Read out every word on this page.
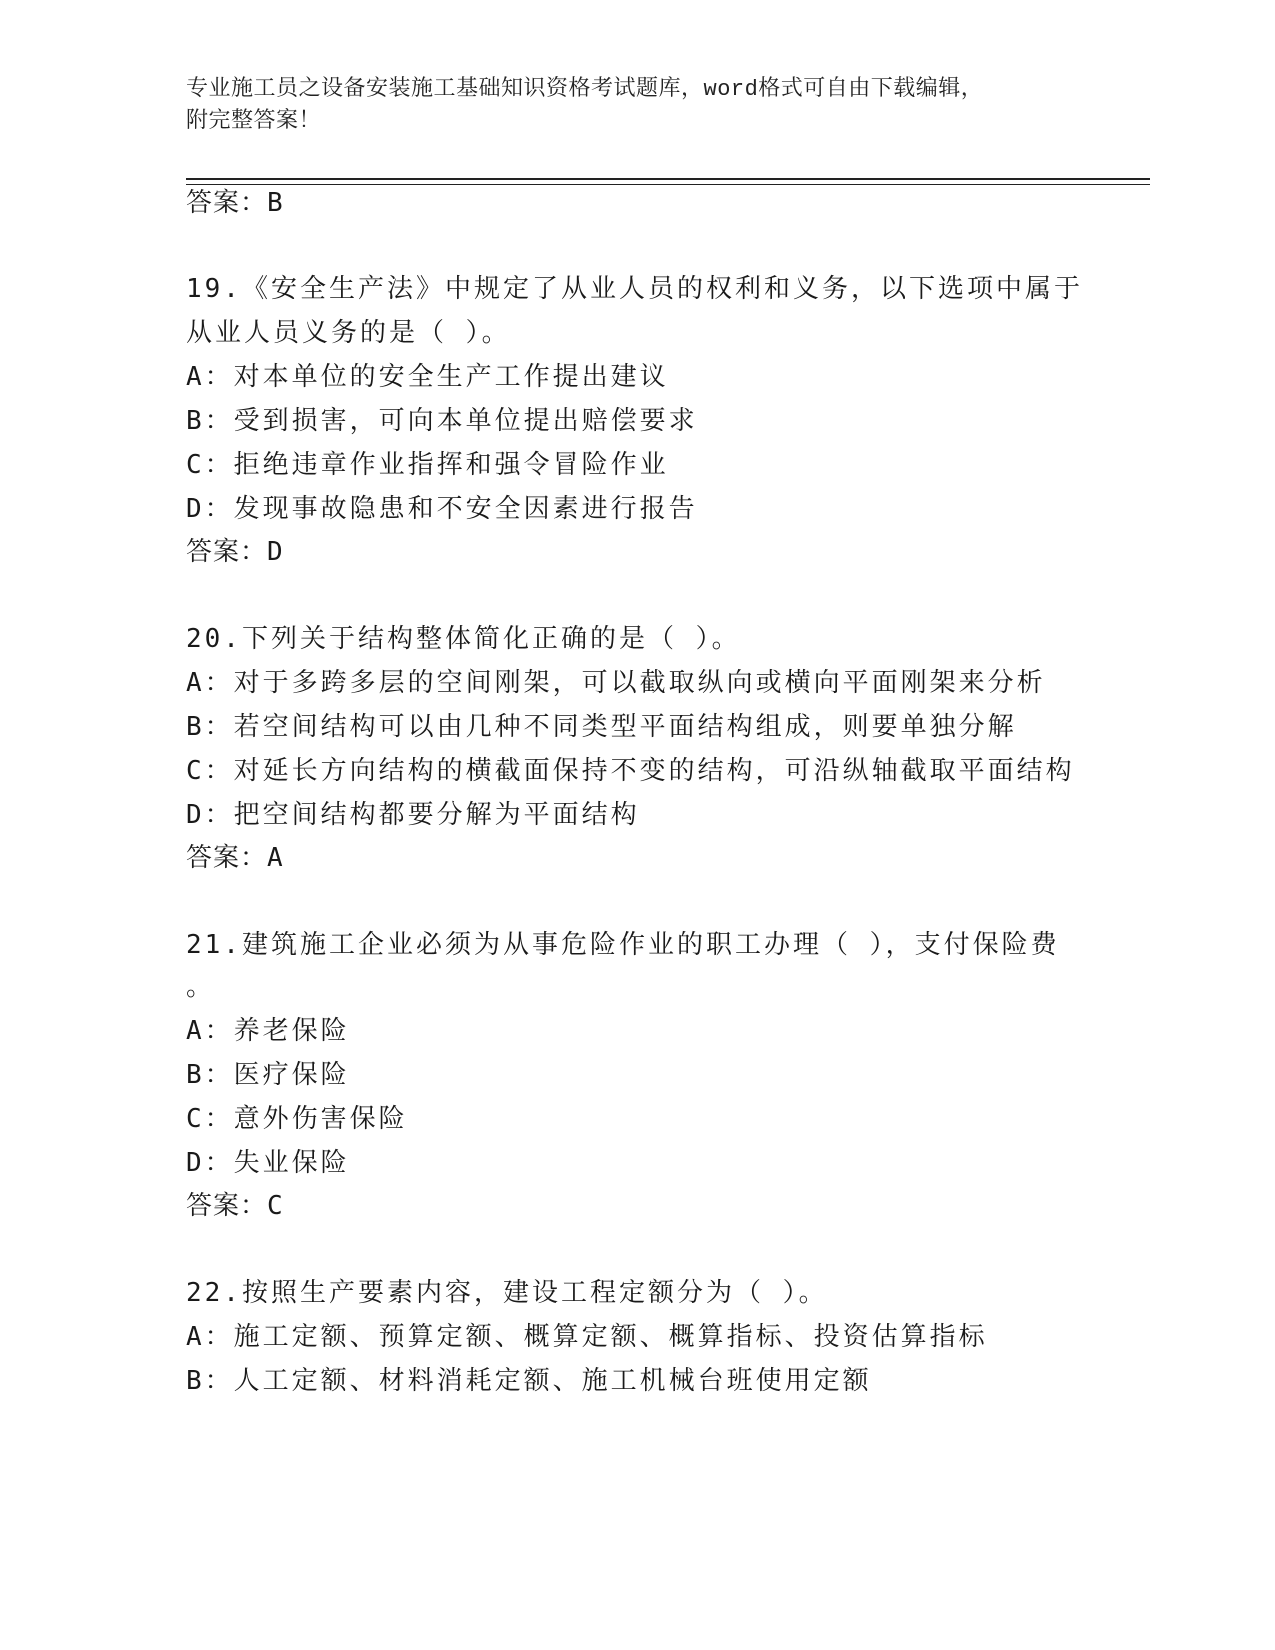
专业施工员之设备安装施工基础知识资格考试题库，word格式可自由下载编辑，
附完整答案！
答案：B
19.《安全生产法》中规定了从业人员的权利和义务，以下选项中属于
从业人员义务的是（ ）。
A：对本单位的安全生产工作提出建议
B：受到损害，可向本单位提出赔偿要求
C：拒绝违章作业指挥和强令冒险作业
D：发现事故隐患和不安全因素进行报告
答案：D
20.下列关于结构整体简化正确的是（ ）。
A：对于多跨多层的空间刚架，可以截取纵向或横向平面刚架来分析
B：若空间结构可以由几种不同类型平面结构组成，则要单独分解
C：对延长方向结构的横截面保持不变的结构，可沿纵轴截取平面结构
D：把空间结构都要分解为平面结构
答案：A
21.建筑施工企业必须为从事危险作业的职工办理（ ），支付保险费
。
A：养老保险
B：医疗保险
C：意外伤害保险
D：失业保险
答案：C
22.按照生产要素内容，建设工程定额分为（ ）。
A：施工定额、预算定额、概算定额、概算指标、投资估算指标
B：人工定额、材料消耗定额、施工机械台班使用定额
